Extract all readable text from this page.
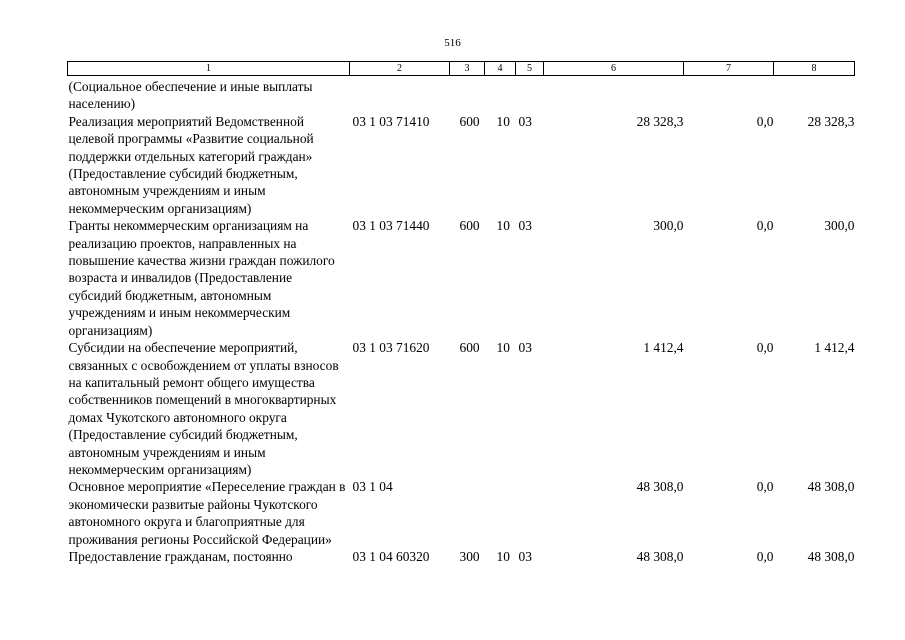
516
1	2	3	4	5	6	7	8
(Социальное обеспечение и иные выплаты населению)							
Реализация мероприятий Ведомственной целевой программы «Развитие социальной поддержки отдельных категорий граждан» (Предоставление субсидий бюджетным, автономным учреждениям и иным некоммерческим организациям)	03 1 03 71410	600	10	03	28 328,3	0,0	28 328,3
Гранты некоммерческим организациям на реализацию проектов, направленных на повышение качества жизни граждан пожилого возраста и инвалидов (Предоставление субсидий бюджетным, автономным учреждениям и иным некоммерческим организациям)	03 1 03 71440	600	10	03	300,0	0,0	300,0
Субсидии на обеспечение мероприятий, связанных с освобождением от уплаты взносов на капитальный ремонт общего имущества собственников помещений в многоквартирных домах Чукотского автономного округа (Предоставление субсидий бюджетным, автономным учреждениям и иным некоммерческим организациям)	03 1 03 71620	600	10	03	1 412,4	0,0	1 412,4
Основное мероприятие «Переселение граждан в экономически развитые районы Чукотского автономного округа и благоприятные для проживания регионы Российской Федерации»	03 1 04				48 308,0	0,0	48 308,0
Предоставление гражданам, постоянно	03 1 04 60320	300	10	03	48 308,0	0,0	48 308,0
